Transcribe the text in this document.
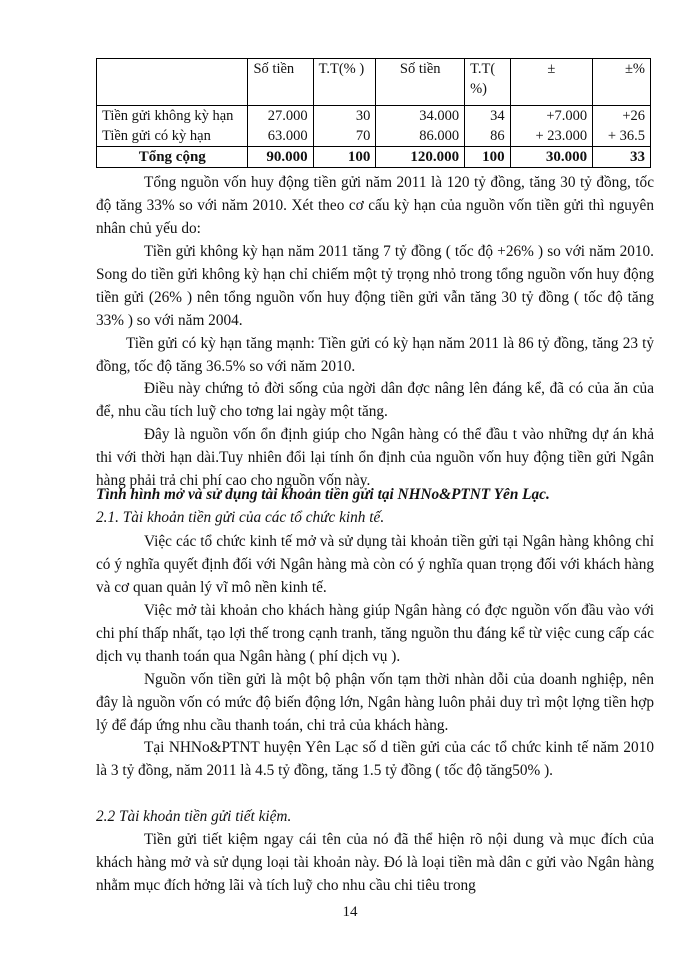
	Số tiền	T.T(% )	Số tiền	T.T(
%)	±	±%
Tiền gửi không kỳ hạn	27.000	30	34.000	34	+7.000	+26
Tiền gửi có kỳ hạn	63.000	70	86.000	86	+ 23.000	+ 36.5
Tổng cộng	90.000	100	120.000	100	30.000	33

Tổng nguồn vốn huy động tiền gửi năm 2011 là 120 tỷ đồng, tăng 30 tỷ đồng, tốc độ tăng 33% so với năm 2010. Xét theo cơ cấu kỳ hạn của nguồn vốn tiền gửi thì nguyên nhân chủ yếu do:

Tiền gửi không kỳ hạn năm 2011 tăng 7 tỷ đồng ( tốc độ +26% ) so với năm 2010. Song do tiền gửi không kỳ hạn chỉ chiếm một tỷ trọng nhỏ trong tổng nguồn vốn huy động tiền gửi (26% ) nên tổng nguồn vốn huy động tiền gửi vẫn tăng 30 tỷ đồng ( tốc độ tăng 33% ) so với năm 2004.

Tiền gửi có kỳ hạn tăng mạnh: Tiền gửi có kỳ hạn năm 2011 là 86 tỷ đồng, tăng 23 tỷ đồng, tốc độ tăng 36.5% so với năm 2010.

Điều này chứng tỏ đời sống của ngời dân đợc nâng lên đáng kể, đã có của ăn của để, nhu cầu tích luỹ cho tơng lai ngày một tăng.

Đây là nguồn vốn ổn định giúp cho Ngân hàng có thể đầu t vào những dự án khả thi với thời hạn dài.Tuy nhiên đổi lại tính ổn định của nguồn vốn huy động tiền gửi Ngân hàng phải trả chi phí cao cho nguồn vốn này.

Tình hình mở và sử dụng tài khoản tiền gửi tại NHNo&PTNT Yên Lạc.

2.1. Tài khoản tiền gửi của các tổ chức kinh tế.

Việc các tổ chức kinh tế mở và sử dụng tài khoản tiền gửi tại Ngân hàng không chỉ có ý nghĩa quyết định đối với Ngân hàng mà còn có ý nghĩa quan trọng đối với khách hàng và cơ quan quản lý vĩ mô nền kinh tế.

Việc mở tài khoản cho khách hàng giúp Ngân hàng có đợc nguồn vốn đầu vào với chi phí thấp nhất, tạo lợi thế trong cạnh tranh, tăng nguồn thu đáng kể từ việc cung cấp các dịch vụ thanh toán qua Ngân hàng ( phí dịch vụ ).

Nguồn vốn tiền gửi là một bộ phận vốn tạm thời nhàn dỗi của doanh nghiệp, nên đây là nguồn vốn có mức độ biến động lớn, Ngân hàng luôn phải duy trì một lợng tiền hợp lý để đáp ứng nhu cầu thanh toán, chi trả của khách hàng.

Tại NHNo&PTNT huyện Yên Lạc số d tiền gửi của các tổ chức kinh tế năm 2010 là 3 tỷ đồng, năm 2011 là 4.5 tỷ đồng, tăng 1.5 tỷ đồng ( tốc độ tăng50% ).

2.2 Tài khoản tiền gửi tiết kiệm.

Tiền gửi tiết kiệm ngay cái tên của nó đã thể hiện rõ nội dung và mục đích của khách hàng mở và sử dụng loại tài khoản này. Đó là loại tiền mà dân c gửi vào Ngân hàng nhằm mục đích hởng lãi và tích luỹ cho nhu cầu chi tiêu trong

14
